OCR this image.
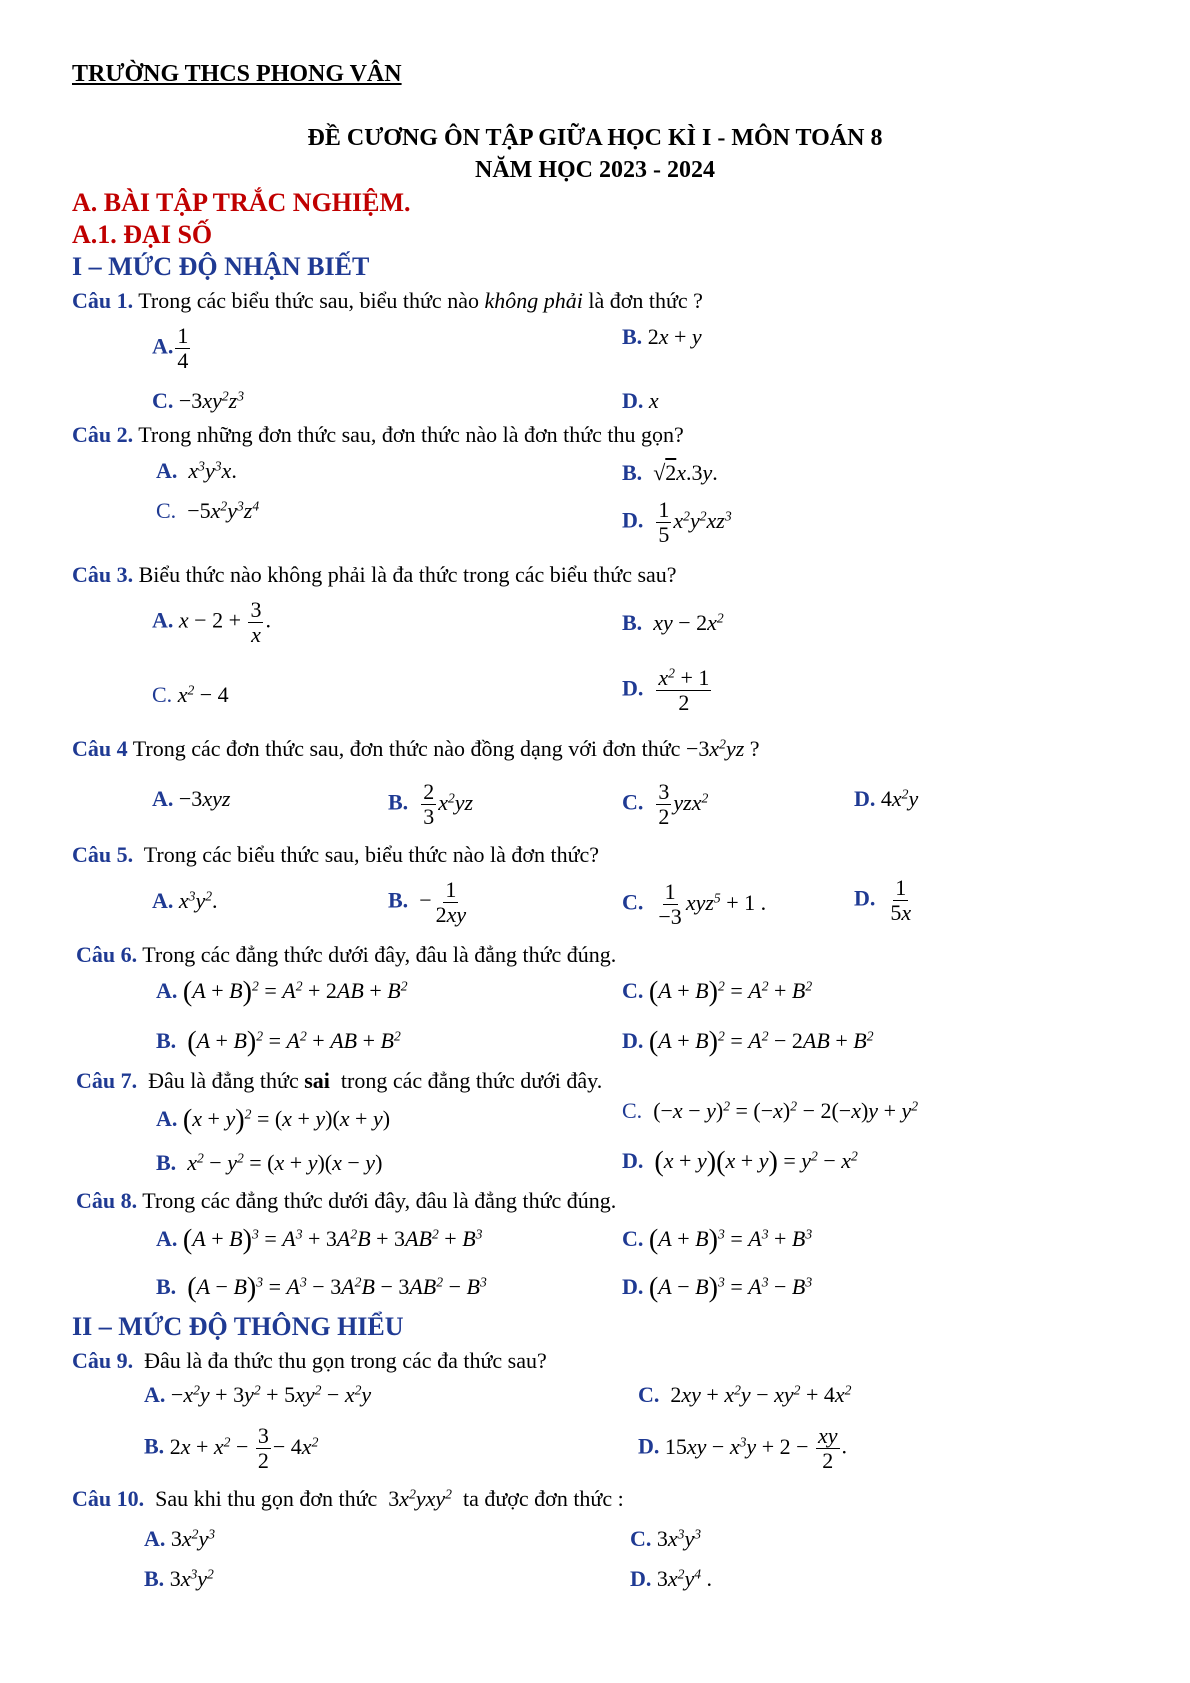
TRƯỜNG THCS PHONG VÂN
ĐỀ CƯƠNG ÔN TẬP GIỮA HỌC KÌ I - MÔN TOÁN 8
NĂM HỌC 2023 - 2024
A. BÀI TẬP TRẮC NGHIỆM.
A.1. ĐẠI SỐ
I – MỨC ĐỘ NHẬN BIẾT
Câu 1. Trong các biểu thức sau, biểu thức nào không phải là đơn thức ?
A. $\frac{1}{4}$	B. 2x + y
C. $-3xy^2z^3$	D. x
Câu 2. Trong những đơn thức sau, đơn thức nào là đơn thức thu gọn?
A. $x^3y^3x$.	B. √2x.3y.
C. $-5x^2y^3z^4$
D. $\frac{1}{5} x^2y^2xz^3$
Câu 3. Biểu thức nào không phải là đa thức trong các biểu thức sau?
A. $x - 2 + \frac{3}{x}$ .	B. xy − $2x^2$
C. $x^2 - 4$	D. $\frac{x^2 + 1}{2}$
Câu 4 Trong các đơn thức sau, đơn thức nào đồng dạng với đơn thức $-3x^2yz$ ?
A. −3xyz	B. $\frac{2}{3} x^2yz$	C. $\frac{3}{2} yzx^2$	D. $4x^2y$
Câu 5. Trong các biểu thức sau, biểu thức nào là đơn thức?
A. $x^3y^2$.	B. − $\frac{1}{2xy}$	C. $\frac{1}{-3} xyz^5 + 1$ .	D. $\frac{1}{5x}$
Câu 6. Trong các đẳng thức dưới đây, đâu là đẳng thức đúng.
A. $(A + B)^2 = A^2 + 2AB + B^2$	C. $(A + B)^2 = A^2 + B^2$
B. $(A + B)^2 = A^2$ + AB + $B^2$	D. $(A + B)^2 = A^2 - 2AB + B^2$
Câu 7. Đâu là đẳng thức sai trong các đẳng thức dưới đây.
A. $(x + y)^2 = (x + y)(x + y)$	C. $(-x - y)^2 = (-x)^2 - 2(-x)y + y^2$
B. $x^2 - y^2 = (x + y)(x - y)$	D. $(x + y)(x + y) = y^2 - x^2$
Câu 8. Trong các đẳng thức dưới đây, đâu là đẳng thức đúng.
A. $(A + B)^3 = A^3 + 3A^2B + 3AB^2 + B^3$	C. $(A + B)^3 = A^3 + B^3$
B. $(A - B)^3 = A^3 - 3A^2B - 3AB^2 - B^3$	D. $(A - B)^3 = A^3 - B^3$
II – MỨC ĐỘ THÔNG HIỂU
Câu 9. Đâu là đa thức thu gọn trong các đa thức sau?
A. $-x^2y + 3y^2 + 5xy^2 - x^2y$	C. $2xy + x^2y - xy^2 + 4x^2$
B. $2x + x^2 - \frac{3}{2} - 4x^2$	D. $15xy - x^3y + 2 - \frac{xy}{2}$ .
Câu 10. Sau khi thu gọn đơn thức $3x^2yxy^2$ ta được đơn thức :
A. $3x^2y^3$	C. $3x^3y^3$
B. $3x^3y^2$	D. $3x^2y^4$ .
